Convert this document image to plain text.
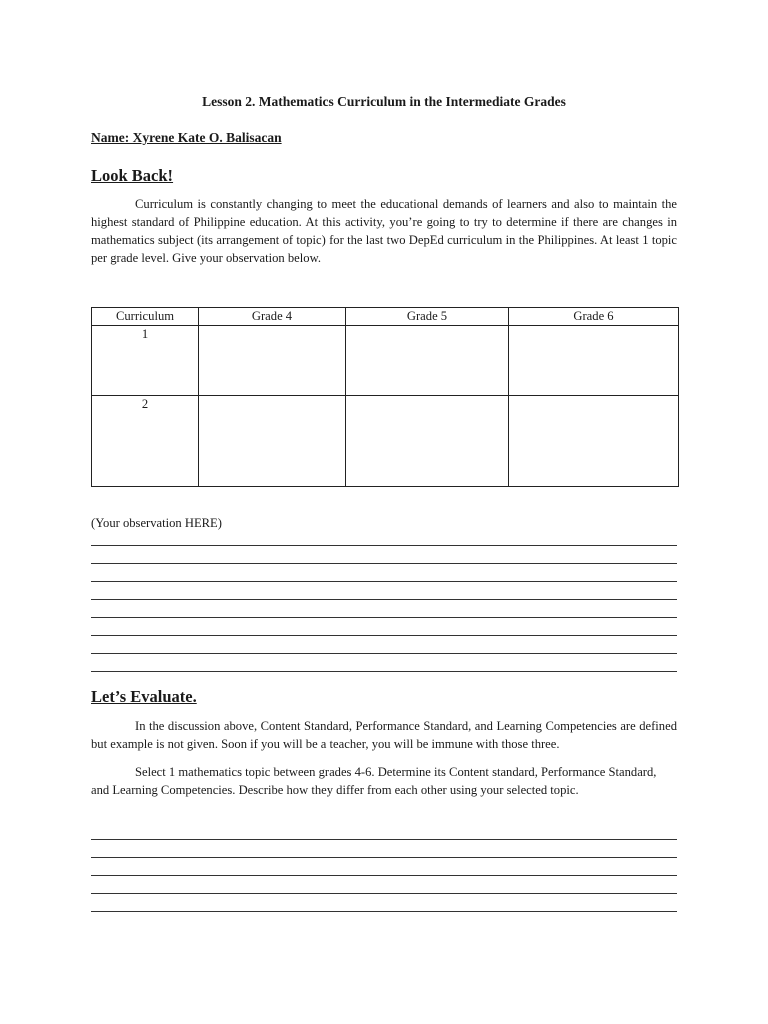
Lesson 2. Mathematics Curriculum in the Intermediate Grades
Name: Xyrene Kate O. Balisacan
Look Back!

Curriculum is constantly changing to meet the educational demands of learners and also to maintain the highest standard of Philippine education. At this activity, you’re going to try to determine if there are changes in mathematics subject (its arrangement of topic) for the last two DepEd curriculum in the Philippines. At least 1 topic per grade level. Give your observation below.

Curriculum	Grade 4	Grade 5	Grade 6
1			
2			
(Your observation HERE)
Let’s Evaluate.

In the discussion above, Content Standard, Performance Standard, and Learning Competencies are defined but example is not given. Soon if you will be a teacher, you will be immune with those three.

Select 1 mathematics topic between grades 4-6. Determine its Content standard, Performance Standard, and Learning Competencies. Describe how they differ from each other using your selected topic.
